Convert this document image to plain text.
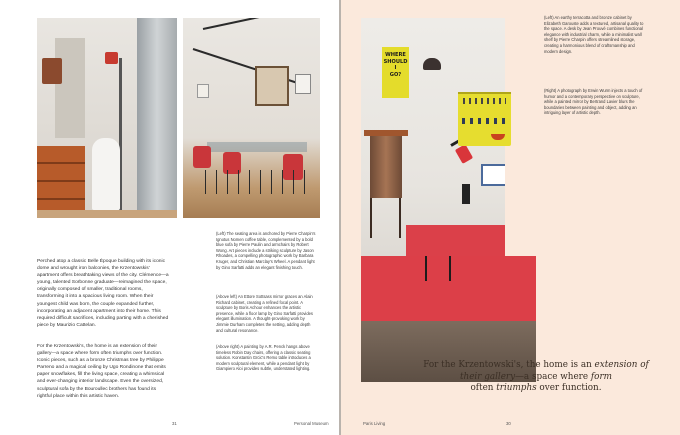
Perched atop a classic Belle Époque building with its iconic dome and wrought iron balconies, the Krzentowskis' apartment offers breathtaking views of the city. Clémence—a young, talented Sorbonne graduate—reimagined the space, originally composed of smaller, traditional rooms, transforming it into a spacious living room. When their youngest child was born, the couple expanded further, incorporating an adjacent apartment into their home. This required difficult sacrifices, including parting with a cherished piece by Maurizio Cattelan.

For the Krzentowski's, the home is an extension of their gallery—a space where form often triumphs over function. Iconic pieces, such as a bronze Christmas tree by Philippe Parreno and a magical ceiling by Ugo Rondinone that emits paper snowflakes, fill the living space, creating a whimsical and ever-changing interior landscape. Even the oversized, sculptural sofa by the Bouroullec brothers has found its rightful place within this artistic haven.

(Left) The seating area is anchored by Pierre Charpin's Ignotus Nomen coffee table, complemented by a bold blue sofa by Pierre Paulin and armchairs by Robert Wong. Art pieces include a striking sculpture by Jason Rhoades, a compelling photographic work by Barbara Kruger, and Christian Marclay's Wheel. A pendant light by Gino Sarfatti adds an elegant finishing touch.

(Above left) An Ettore Sottsass mirror graces an Alain Richard cabinet, creating a refined focal point. A sculpture by Boris Achour enhances the artistic presence, while a floor lamp by Gino Sarfatti provides elegant illumination. A thought-provoking work by Jimmie Durham completes the setting, adding depth and cultural resonance.

(Above right) A painting by A.R. Penck hangs above timeless Robin Day chairs, offering a classic seating solution. Konstantin Grcic's Remo table introduces a modern sculptural element, while a pendant light by Giampiero Aloi provides subtle, understated lighting.

31	Personal Museum
WHERE
SHOULD
I
GO?

(Left) An earthy terracotta and bronze cabinet by Elizabeth Garouste adds a textured, artisanal quality to the space. A desk by Jean Prouvé combines functional elegance with industrial charm, while a minimalist wall shelf by Pierre Charpin offers streamlined storage, creating a harmonious blend of craftsmanship and modern design.

(Right) A photograph by Erwin Wurm injects a touch of humor and a contemporary perspective on sculpture, while a painted mirror by Bertrand Lavier blurs the boundaries between painting and object, adding an intriguing layer of artistic depth.

For the Krzentowski's, the home is an extension of their gallery—a space where form
often triumphs over function.

Paris Living	30
